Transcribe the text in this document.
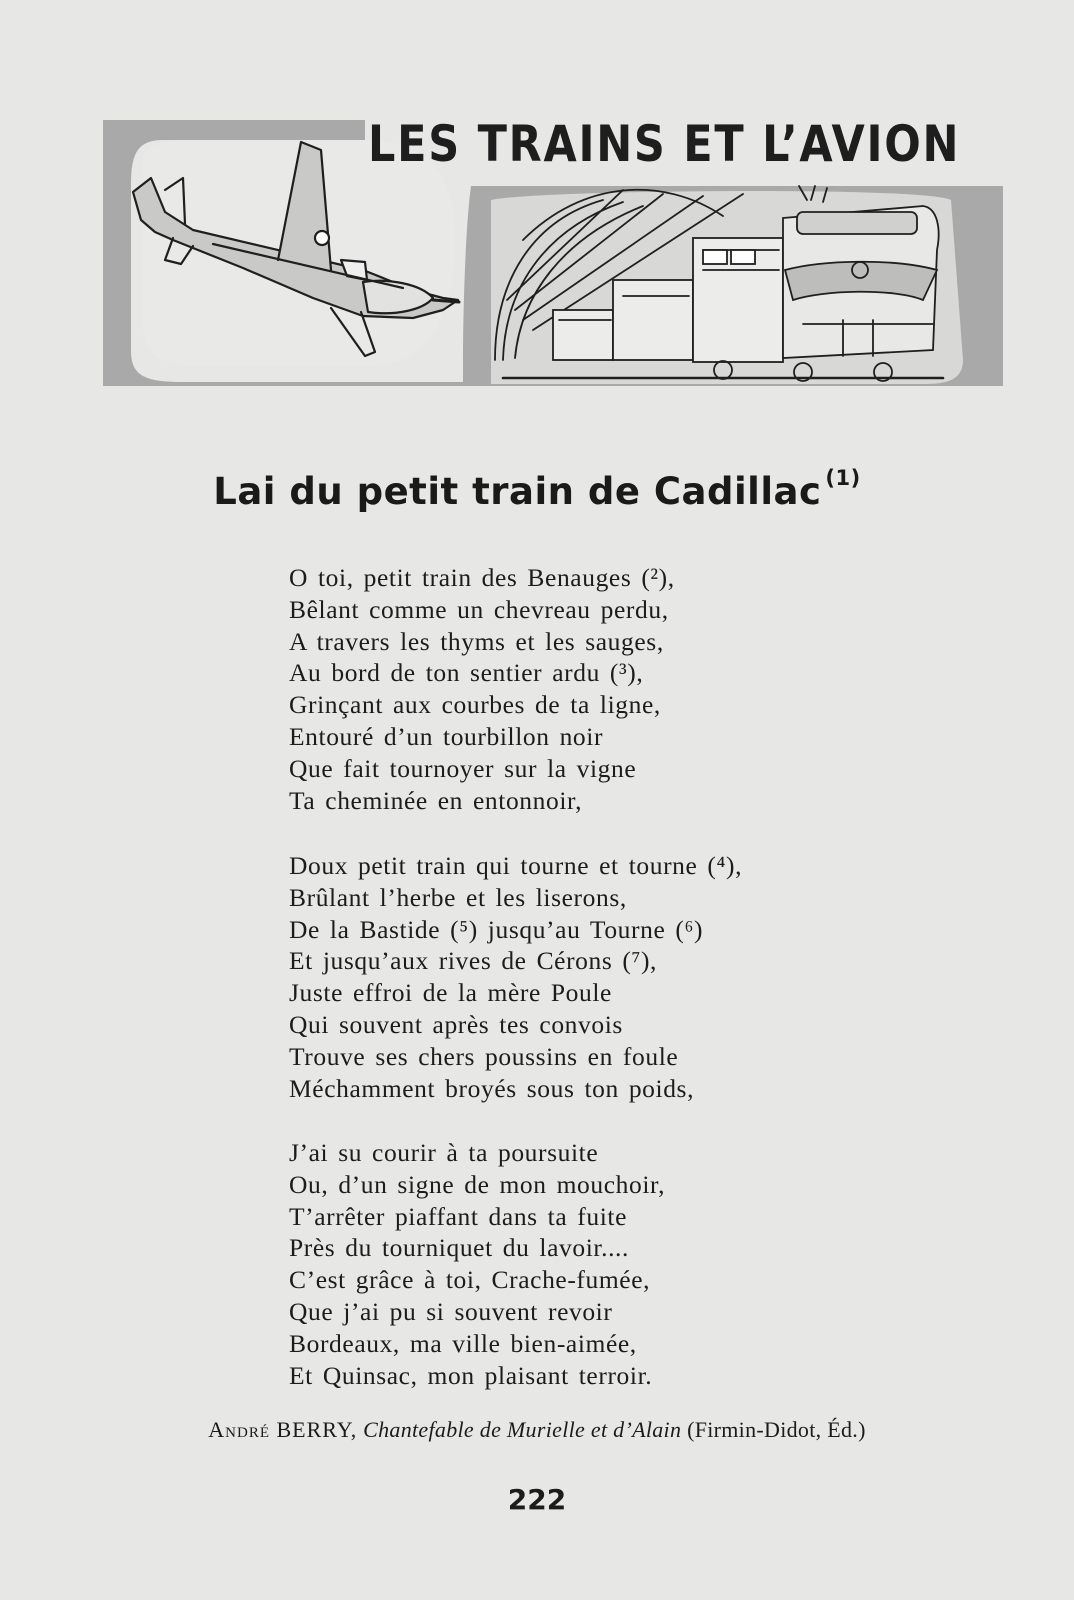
LES TRAINS ET L’AVION
Lai du petit train de Cadillac $^{(1)}$
O toi, petit train des Benauges (²),
Bêlant comme un chevreau perdu,
A travers les thyms et les sauges,
Au bord de ton sentier ardu (³),
Grinçant aux courbes de ta ligne,
Entouré d’un tourbillon noir
Que fait tournoyer sur la vigne
Ta cheminée en entonnoir,
Doux petit train qui tourne et tourne (⁴),
Brûlant l’herbe et les liserons,
De la Bastide (⁵) jusqu’au Tourne (⁶)
Et jusqu’aux rives de Cérons (⁷),
Juste effroi de la mère Poule
Qui souvent après tes convois
Trouve ses chers poussins en foule
Méchamment broyés sous ton poids,
J’ai su courir à ta poursuite
Ou, d’un signe de mon mouchoir,
T’arrêter piaffant dans ta fuite
Près du tourniquet du lavoir....
C’est grâce à toi, Crache-fumée,
Que j’ai pu si souvent revoir
Bordeaux, ma ville bien-aimée,
Et Quinsac, mon plaisant terroir.
André BERRY, Chantefable de Murielle et d’Alain (Firmin-Didot, Éd.)
222
